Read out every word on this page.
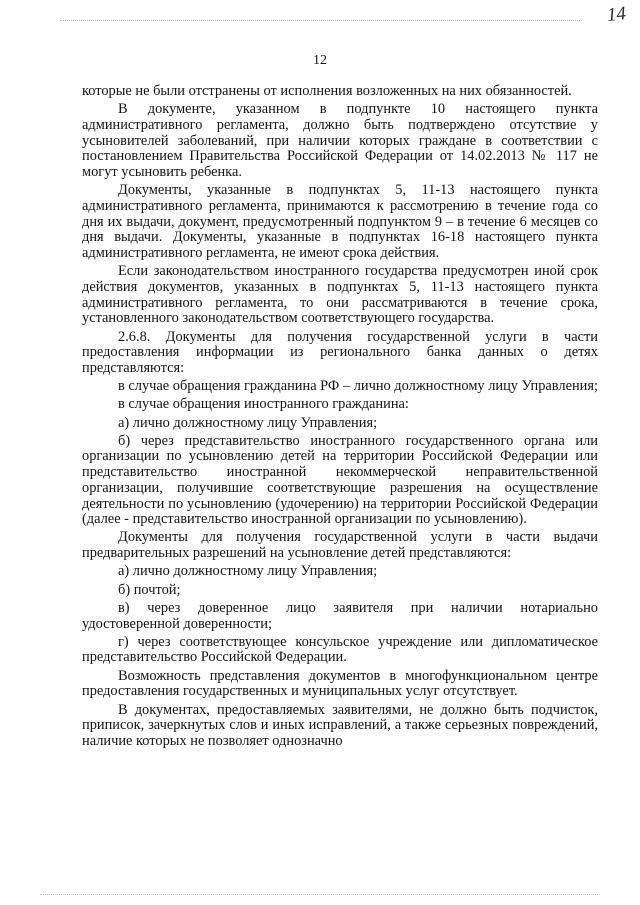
14
12

которые не были отстранены от исполнения возложенных на них обязанностей.

В документе, указанном в подпункте 10 настоящего пункта административного регламента, должно быть подтверждено отсутствие у усыновителей заболеваний, при наличии которых граждане в соответствии с постановлением Правительства Российской Федерации от 14.02.2013 № 117 не могут усыновить ребенка.

Документы, указанные в подпунктах 5, 11-13 настоящего пункта административного регламента, принимаются к рассмотрению в течение года со дня их выдачи, документ, предусмотренный подпунктом 9 – в течение 6 месяцев со дня выдачи. Документы, указанные в подпунктах 16-18 настоящего пункта административного регламента, не имеют срока действия.

Если законодательством иностранного государства предусмотрен иной срок действия документов, указанных в подпунктах 5, 11-13 настоящего пункта административного регламента, то они рассматриваются в течение срока, установленного законодательством соответствующего государства.

2.6.8. Документы для получения государственной услуги в части предоставления информации из регионального банка данных о детях представляются:

в случае обращения гражданина РФ – лично должностному лицу Управления;

в случае обращения иностранного гражданина:

а) лично должностному лицу Управления;

б) через представительство иностранного государственного органа или организации по усыновлению детей на территории Российской Федерации или представительство иностранной некоммерческой неправительственной организации, получившие соответствующие разрешения на осуществление деятельности по усыновлению (удочерению) на территории Российской Федерации (далее - представительство иностранной организации по усыновлению).

Документы для получения государственной услуги в части выдачи предварительных разрешений на усыновление детей представляются:

а) лично должностному лицу Управления;

б) почтой;

в) через доверенное лицо заявителя при наличии нотариально удостоверенной доверенности;

г) через соответствующее консульское учреждение или дипломатическое представительство Российской Федерации.

Возможность представления документов в многофункциональном центре предоставления государственных и муниципальных услуг отсутствует.

В документах, предоставляемых заявителями, не должно быть подчисток, приписок, зачеркнутых слов и иных исправлений, а также серьезных повреждений, наличие которых не позволяет однозначно
